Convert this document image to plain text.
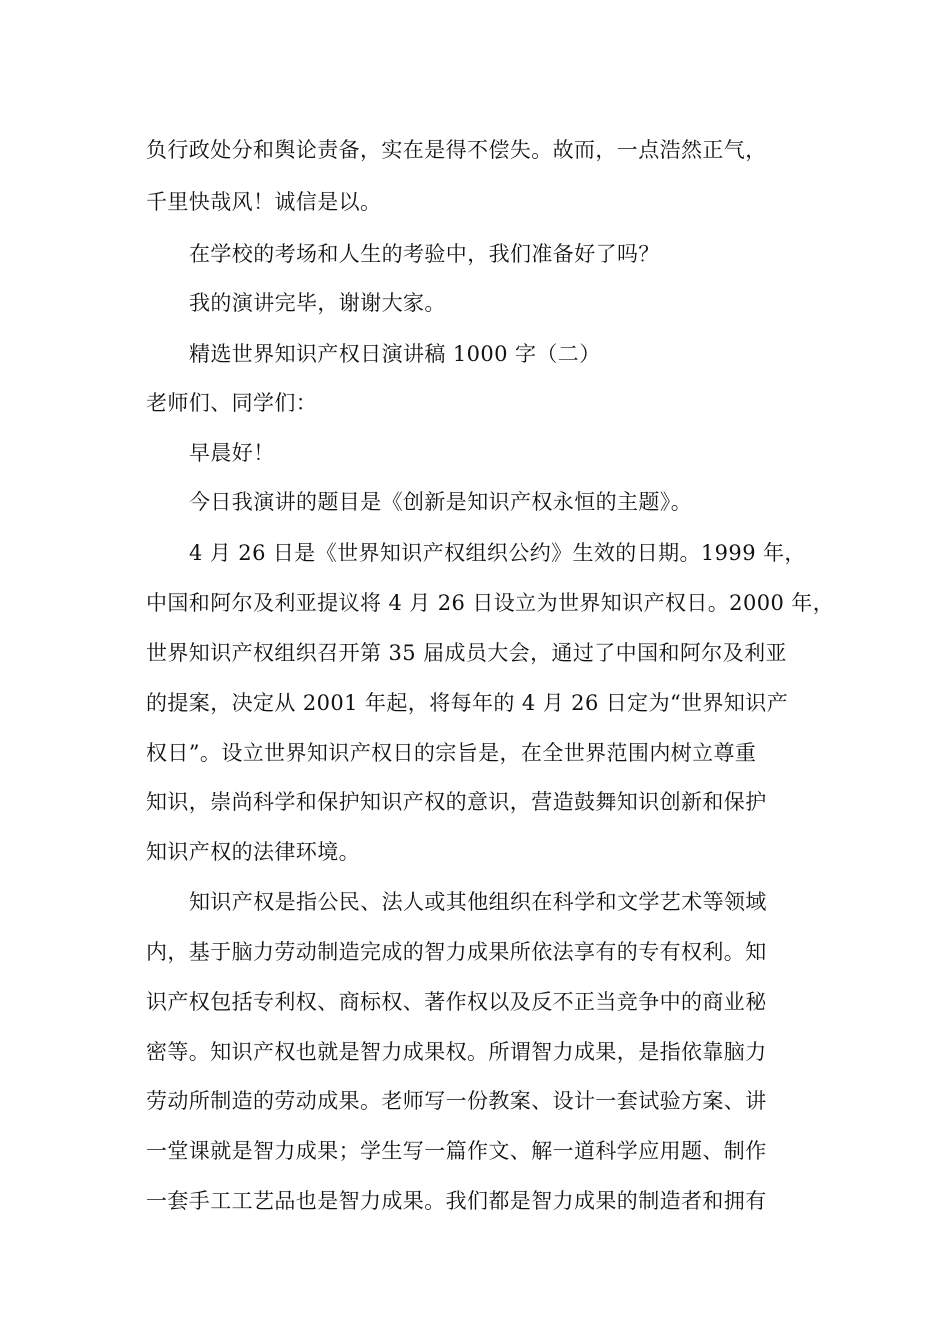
负行政处分和舆论责备，实在是得不偿失。故而，一点浩然正气，
千里快哉风！诚信是以。
在学校的考场和人生的考验中，我们准备好了吗？
我的演讲完毕，谢谢大家。
精选世界知识产权日演讲稿 1000 字（二）
老师们、同学们：
早晨好！
今日我演讲的题目是《创新是知识产权永恒的主题》。
4 月 26 日是《世界知识产权组织公约》生效的日期。1999 年，
中国和阿尔及利亚提议将 4 月 26 日设立为世界知识产权日。2000 年，
世界知识产权组织召开第 35 届成员大会，通过了中国和阿尔及利亚
的提案，决定从 2001 年起，将每年的 4 月 26 日定为“世界知识产
权日”。设立世界知识产权日的宗旨是，在全世界范围内树立尊重
知识，崇尚科学和保护知识产权的意识，营造鼓舞知识创新和保护
知识产权的法律环境。
知识产权是指公民、法人或其他组织在科学和文学艺术等领域
内，基于脑力劳动制造完成的智力成果所依法享有的专有权利。知
识产权包括专利权、商标权、著作权以及反不正当竞争中的商业秘
密等。知识产权也就是智力成果权。所谓智力成果，是指依靠脑力
劳动所制造的劳动成果。老师写一份教案、设计一套试验方案、讲
一堂课就是智力成果；学生写一篇作文、解一道科学应用题、制作
一套手工工艺品也是智力成果。我们都是智力成果的制造者和拥有
